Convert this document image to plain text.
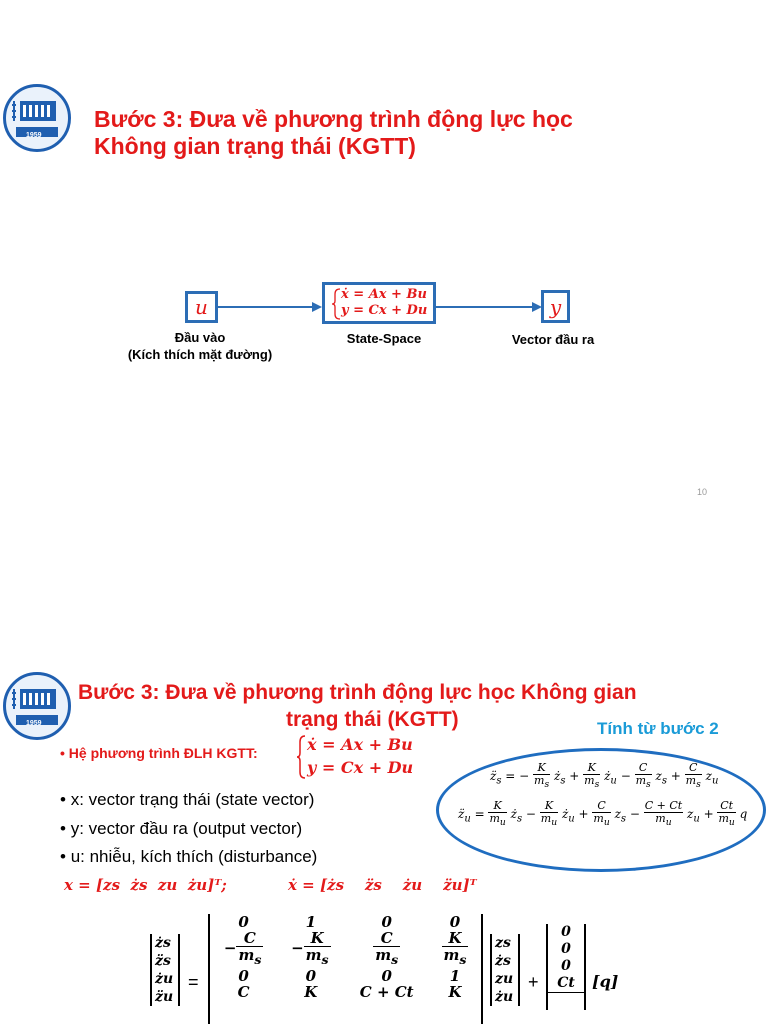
1959
Bước 3: Đưa về phương trình động lực học
Không gian trạng thái (KGTT)
u
ẋ = Ax + Bu
y = Cx + Du	y
Đầu vào
(Kích thích mặt đường)
State-Space	Vector đầu ra
10
1959
Bước 3: Đưa về phương trình động lực học Không gian
trạng thái (KGTT)	Tính từ bước 2
$z̈_s$ = − $\frac{K}{m_s}$ $ż_s + \frac{K}{m_s}$ $ż_u - \frac{C}{m_s} z_s + \frac{C}{m_s} z_u$
$z̈_u = \frac{K}{m_u}$ $ż_s - \frac{K}{m_u}$ $ż_u + \frac{C}{m_u} z_s - \frac{C + Ct}{m_u} z_u + \frac{Ct}{m_u}$ q
• Hệ phương trình ĐLH KGTT:	ẋ = Ax + Bu
y = Cx + Du
• x: vector trạng thái (state vector)
• y: vector đầu ra (output vector)
• u: nhiễu, kích thích (disturbance)
x = [zs  żs  zu  żu]ᵀ;	ẋ = [żs    z̈s    żu    z̈u]ᵀ
żs
z̈s
żu
z̈u
=
0	1	0	0
− $\frac{C}{m_s}$	− $\frac{K}{m_s}$	$\frac{C}{m_s}$	$\frac{K}{m_s}$

0	0	0	1
C	K	C + Ct	K
zs
żs
zu
żu
+
0
0
0
Ct
	[q]
